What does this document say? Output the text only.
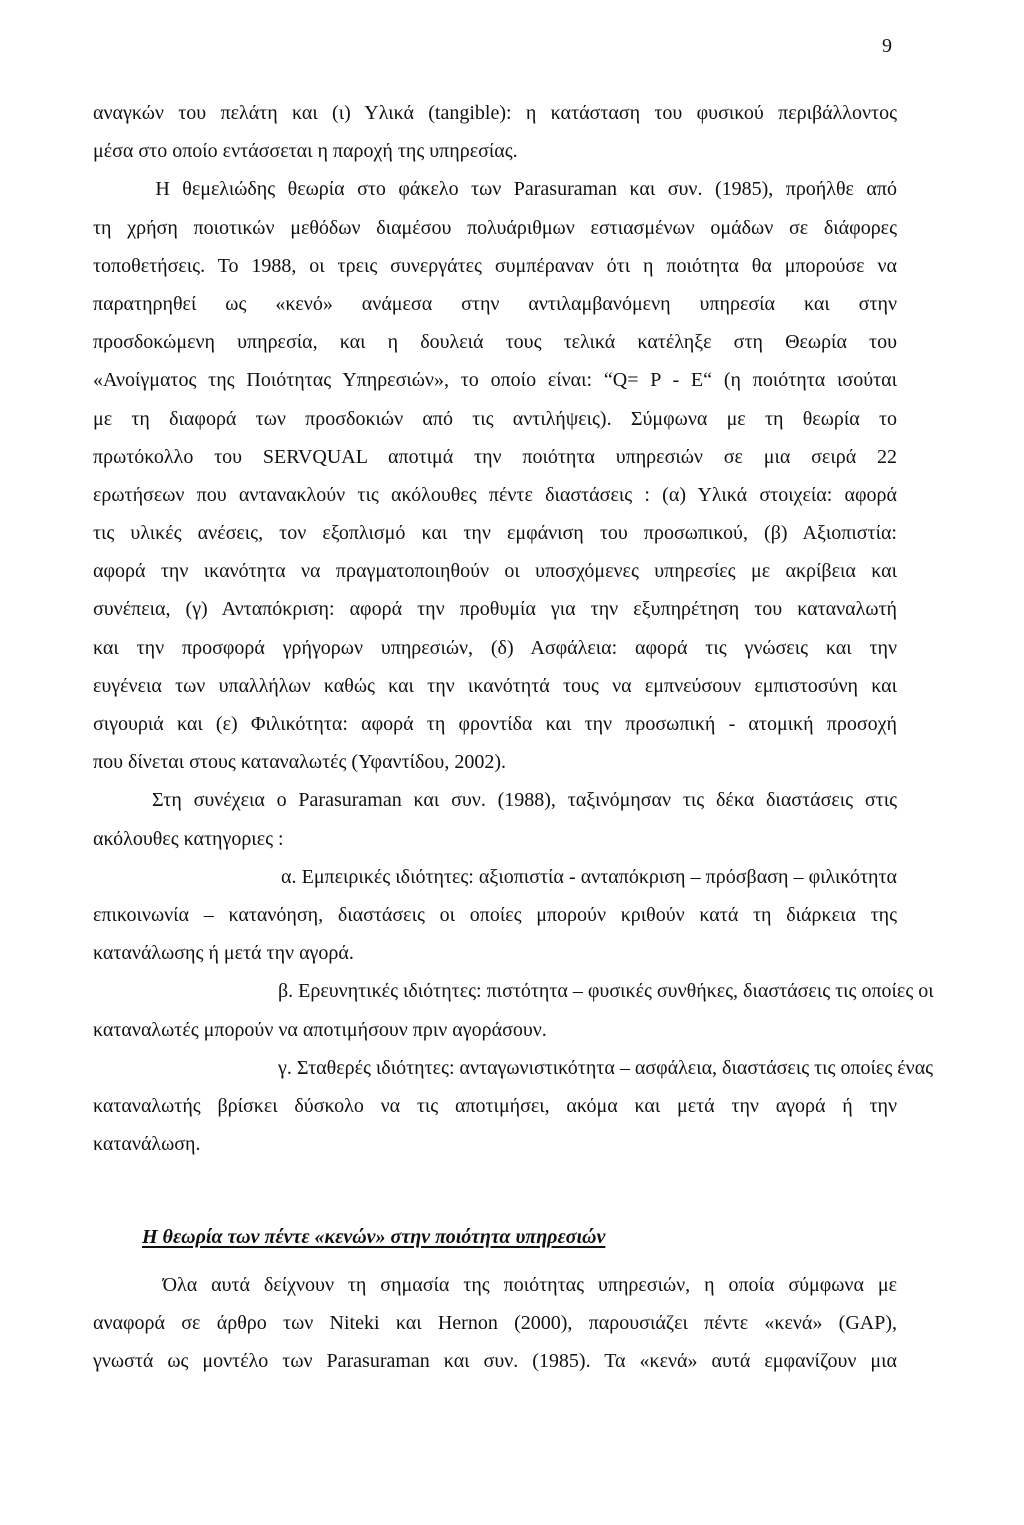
9
αναγκών του πελάτη και (ι) Υλικά (tangible): η κατάσταση του φυσικού περιβάλλοντος
μέσα στο οποίο εντάσσεται η παροχή της υπηρεσίας.
Η θεμελιώδης θεωρία στο φάκελο των Parasuraman και συν. (1985), προήλθε από
τη χρήση ποιοτικών μεθόδων διαμέσου πολυάριθμων εστιασμένων ομάδων σε διάφορες
τοποθετήσεις. Το 1988, οι τρεις συνεργάτες συμπέραναν ότι η ποιότητα θα μπορούσε να
παρατηρηθεί ως «κενό» ανάμεσα στην αντιλαμβανόμενη υπηρεσία και στην
προσδοκώμενη υπηρεσία, και η δουλειά τους τελικά κατέληξε στη Θεωρία του
«Ανοίγματος της Ποιότητας Υπηρεσιών», το οποίο είναι: “Q= P - E“ (η ποιότητα ισούται
με τη διαφορά των προσδοκιών από τις αντιλήψεις). Σύμφωνα με τη θεωρία το
πρωτόκολλο του SERVQUAL αποτιμά την ποιότητα υπηρεσιών σε μια σειρά 22
ερωτήσεων που αντανακλούν τις ακόλουθες πέντε διαστάσεις : (α) Υλικά στοιχεία: αφορά
τις υλικές ανέσεις, τον εξοπλισμό και την εμφάνιση του προσωπικού, (β) Αξιοπιστία:
αφορά την ικανότητα να πραγματοποιηθούν οι υποσχόμενες υπηρεσίες με ακρίβεια και
συνέπεια, (γ) Ανταπόκριση: αφορά την προθυμία για την εξυπηρέτηση του καταναλωτή
και την προσφορά γρήγορων υπηρεσιών, (δ) Ασφάλεια: αφορά τις γνώσεις και την
ευγένεια των υπαλλήλων καθώς και την ικανότητά τους να εμπνεύσουν εμπιστοσύνη και
σιγουριά και (ε) Φιλικότητα: αφορά τη φροντίδα και την προσωπική - ατομική προσοχή
που δίνεται στους καταναλωτές (Υφαντίδου, 2002).
Στη συνέχεια ο Parasuraman και συν. (1988), ταξινόμησαν τις δέκα διαστάσεις στις
ακόλουθες κατηγοριες :
α. Εμπειρικές ιδιότητες: αξιοπιστία - ανταπόκριση – πρόσβαση – φιλικότητα
επικοινωνία – κατανόηση, διαστάσεις οι οποίες μπορούν κριθούν κατά τη διάρκεια της
κατανάλωσης ή μετά την αγορά.
β. Ερευνητικές ιδιότητες: πιστότητα – φυσικές συνθήκες, διαστάσεις τις οποίες οι
καταναλωτές μπορούν να αποτιμήσουν πριν αγοράσουν.
γ. Σταθερές ιδιότητες: ανταγωνιστικότητα – ασφάλεια, διαστάσεις τις οποίες ένας
καταναλωτής βρίσκει δύσκολο να τις αποτιμήσει, ακόμα και μετά την αγορά ή την
κατανάλωση.
Η θεωρία των πέντε «κενών» στην ποιότητα υπηρεσιών
Όλα αυτά δείχνουν τη σημασία της ποιότητας υπηρεσιών, η οποία σύμφωνα με
αναφορά σε άρθρο των Niteki και Hernon (2000), παρουσιάζει πέντε «κενά» (GAP),
γνωστά ως μοντέλο των Parasuraman και συν. (1985). Τα «κενά» αυτά εμφανίζουν μια
